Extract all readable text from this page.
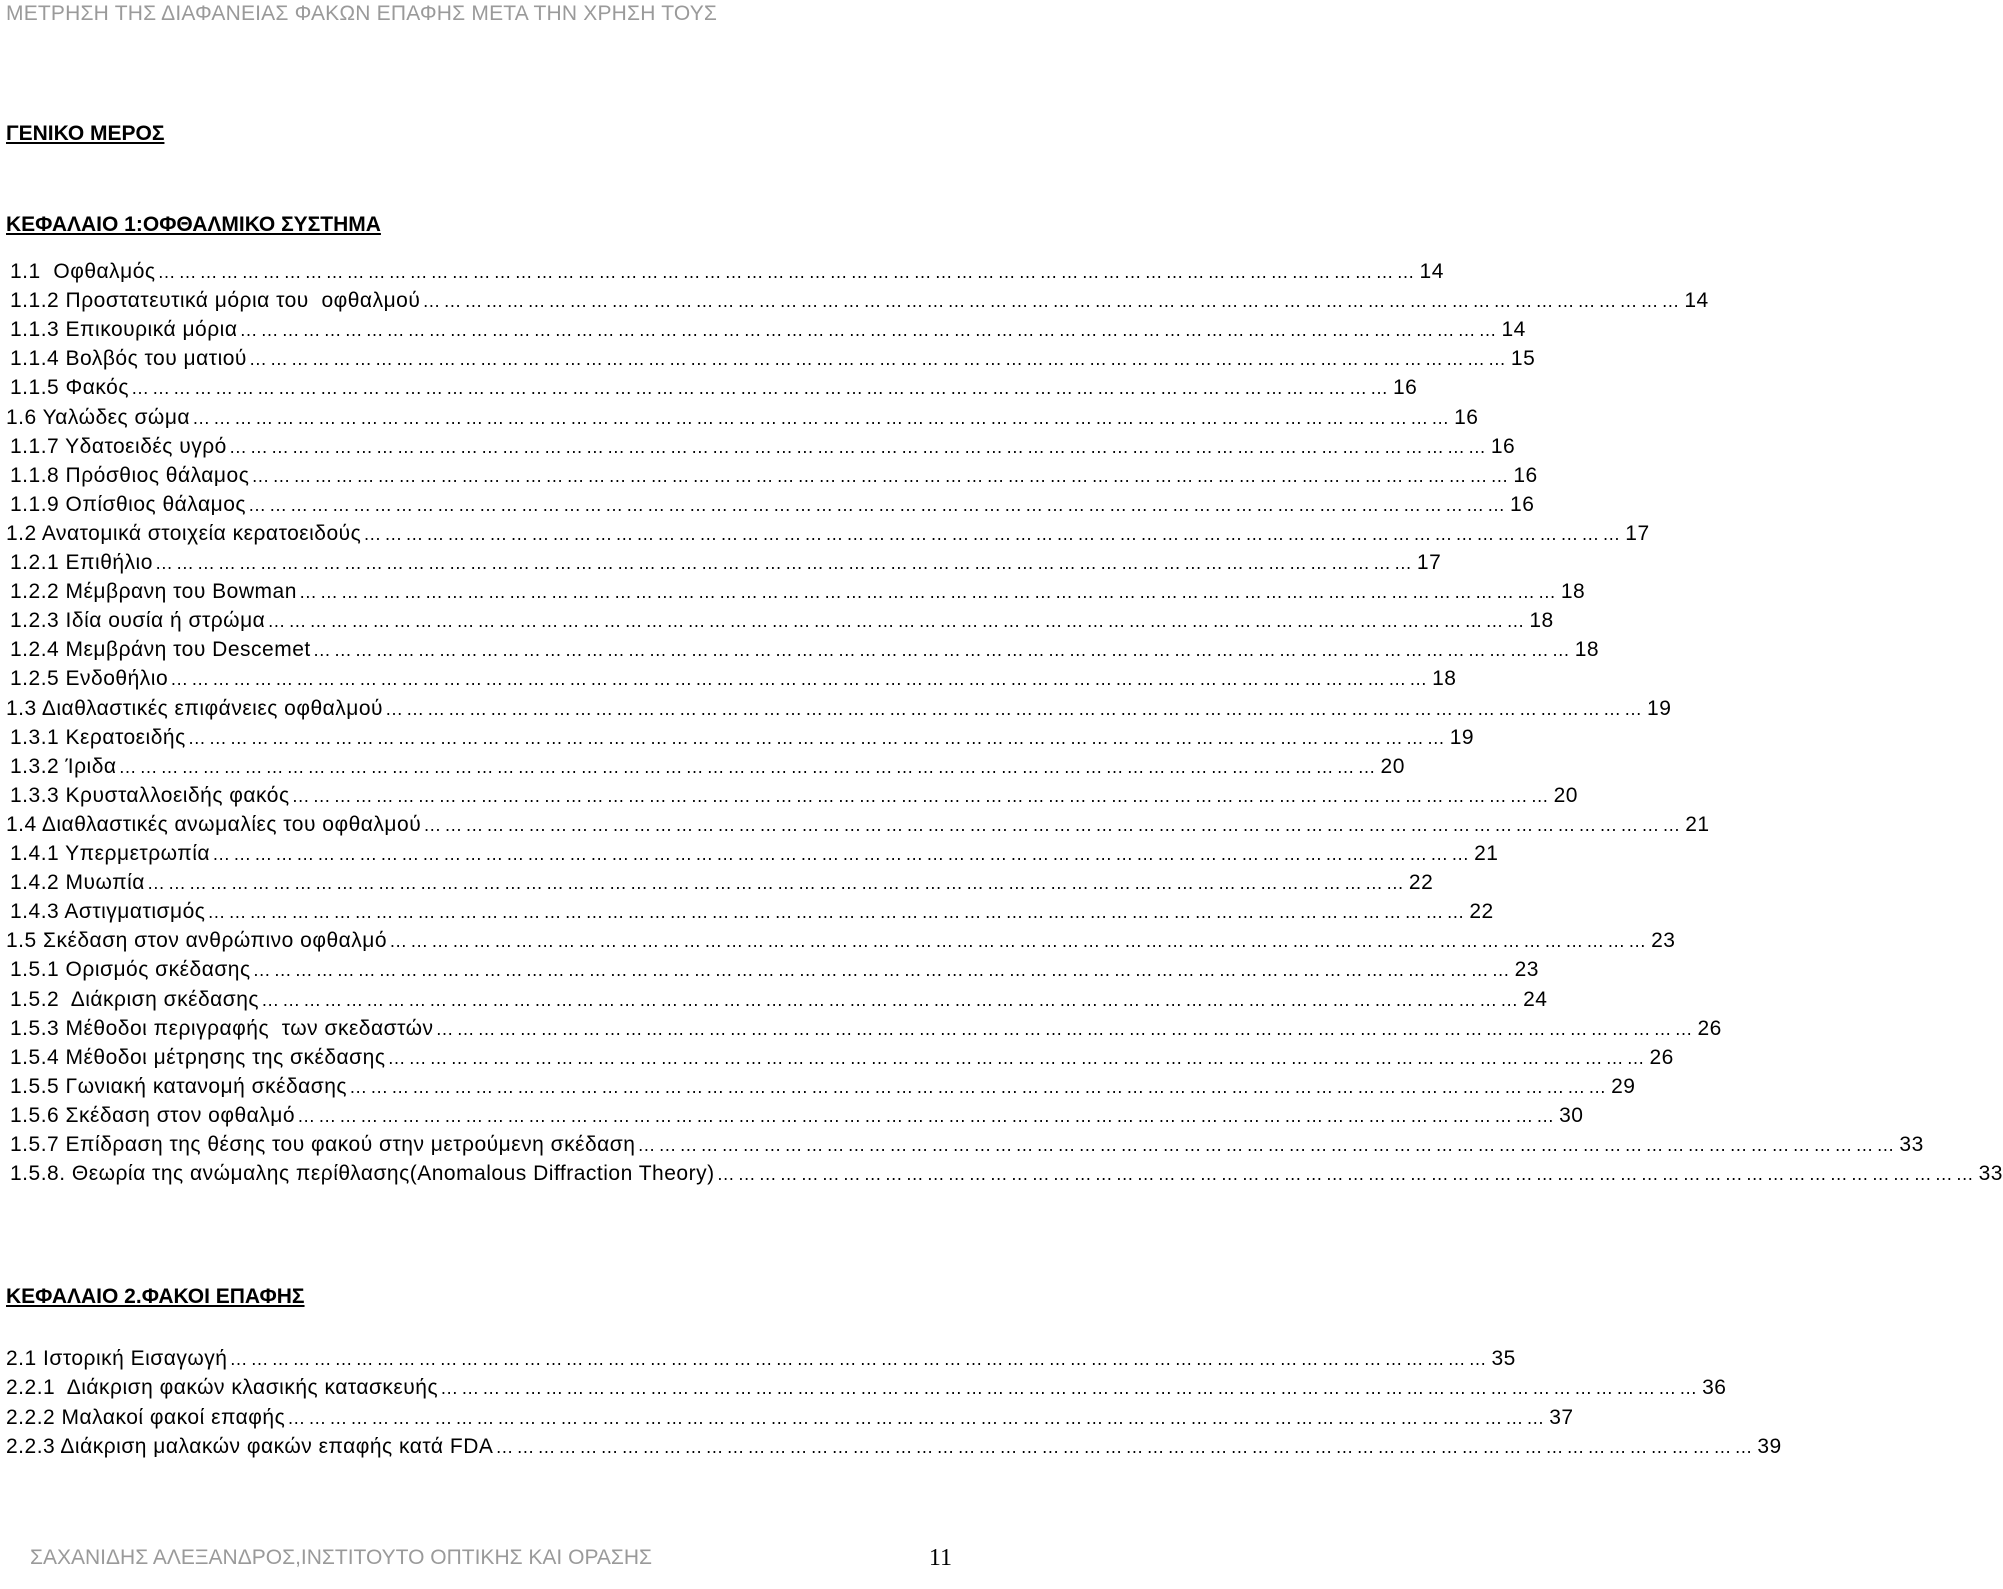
ΜΕΤΡΗΣΗ ΤΗΣ ΔΙΑΦΑΝΕΙΑΣ ΦΑΚΩΝ ΕΠΑΦΗΣ ΜΕΤΑ ΤΗΝ ΧΡΗΣΗ ΤΟΥΣ
ΓΕΝΙΚΟ ΜΕΡΟΣ
ΚΕΦΑΛΑΙΟ 1:ΟΦΘΑΛΜΙΚΟ ΣΥΣΤΗΜΑ
1.1  Οφθαλμός ……………………………………………………………………………………………………………………………………………………………… 14
1.1.2 Προστατευτικά μόρια του  οφθαλμού ……………………………………………………………………………………………………………………………………………………………… 14
1.1.3 Επικουρικά μόρια ……………………………………………………………………………………………………………………………………………………………… 14
1.1.4 Βολβός του ματιού ……………………………………………………………………………………………………………………………………………………………… 15
1.1.5 Φακός ……………………………………………………………………………………………………………………………………………………………… 16
1.6 Υαλώδες σώμα ……………………………………………………………………………………………………………………………………………………………… 16
1.1.7 Υδατοειδές υγρό ……………………………………………………………………………………………………………………………………………………………… 16
1.1.8 Πρόσθιος θάλαμος ……………………………………………………………………………………………………………………………………………………………… 16
1.1.9 Οπίσθιος θάλαμος ……………………………………………………………………………………………………………………………………………………………… 16
1.2 Ανατομικά στοιχεία κερατοειδούς ……………………………………………………………………………………………………………………………………………………………… 17
1.2.1 Επιθήλιο ……………………………………………………………………………………………………………………………………………………………… 17
1.2.2 Μέμβρανη του Bowman ……………………………………………………………………………………………………………………………………………………………… 18
1.2.3 Ιδία ουσία ή στρώμα ……………………………………………………………………………………………………………………………………………………………… 18
1.2.4 Μεμβράνη του Descemet ……………………………………………………………………………………………………………………………………………………………… 18
1.2.5 Ενδοθήλιο ……………………………………………………………………………………………………………………………………………………………… 18
1.3 Διαθλαστικές επιφάνειες οφθαλμού ……………………………………………………………………………………………………………………………………………………………… 19
1.3.1 Κερατοειδής ……………………………………………………………………………………………………………………………………………………………… 19
1.3.2 Ίριδα ……………………………………………………………………………………………………………………………………………………………… 20
1.3.3 Κρυσταλλοειδής φακός ……………………………………………………………………………………………………………………………………………………………… 20
1.4 Διαθλαστικές ανωμαλίες του οφθαλμού ……………………………………………………………………………………………………………………………………………………………… 21
1.4.1 Υπερμετρωπία ……………………………………………………………………………………………………………………………………………………………… 21
1.4.2 Μυωπία ……………………………………………………………………………………………………………………………………………………………… 22
1.4.3 Αστιγματισμός ……………………………………………………………………………………………………………………………………………………………… 22
1.5 Σκέδαση στον ανθρώπινο οφθαλμό ……………………………………………………………………………………………………………………………………………………………… 23
1.5.1 Ορισμός σκέδασης ……………………………………………………………………………………………………………………………………………………………… 23
1.5.2  Διάκριση σκέδασης ……………………………………………………………………………………………………………………………………………………………… 24
1.5.3 Μέθοδοι περιγραφής  των σκεδαστών ……………………………………………………………………………………………………………………………………………………………… 26
1.5.4 Μέθοδοι μέτρησης της σκέδασης ……………………………………………………………………………………………………………………………………………………………… 26
1.5.5 Γωνιακή κατανομή σκέδασης ……………………………………………………………………………………………………………………………………………………………… 29
1.5.6 Σκέδαση στον οφθαλμό ……………………………………………………………………………………………………………………………………………………………… 30
1.5.7 Επίδραση της θέσης του φακού στην μετρούμενη σκέδαση ……………………………………………………………………………………………………………………………………………………………… 33
1.5.8. Θεωρία της ανώμαλης περίθλασης(Anomalous Diffraction Theory) ……………………………………………………………………………………………………………………………………………………………… 33
ΚΕΦΑΛΑΙΟ 2.ΦΑΚΟΙ ΕΠΑΦΗΣ
2.1 Ιστορική Εισαγωγή ……………………………………………………………………………………………………………………………………………………………… 35
2.2.1  Διάκριση φακών κλασικής κατασκευής ……………………………………………………………………………………………………………………………………………………………… 36
2.2.2 Μαλακοί φακοί επαφής ……………………………………………………………………………………………………………………………………………………………… 37
2.2.3 Διάκριση μαλακών φακών επαφής κατά FDA ……………………………………………………………………………………………………………………………………………………………… 39
ΣΑΧΑΝΙΔΗΣ ΑΛΕΞΑΝΔΡΟΣ,ΙΝΣΤΙΤΟΥΤΟ ΟΠΤΙΚΗΣ ΚΑΙ ΟΡΑΣΗΣ	11
